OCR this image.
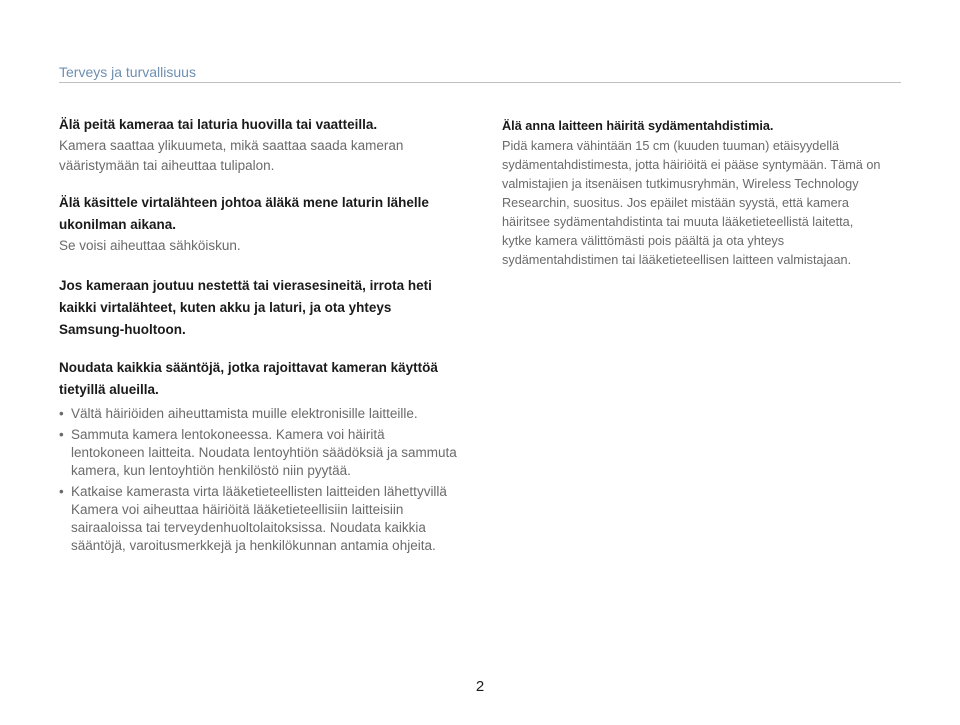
Terveys ja turvallisuus

Älä peitä kameraa tai laturia huovilla tai vaatteilla.

Kamera saattaa ylikuumeta, mikä saattaa saada kameran vääristymään tai aiheuttaa tulipalon.

Älä käsittele virtalähteen johtoa äläkä mene laturin lähelle ukonilman aikana.

Se voisi aiheuttaa sähköiskun.

Jos kameraan joutuu nestettä tai vierasesineitä, irrota heti kaikki virtalähteet, kuten akku ja laturi, ja ota yhteys Samsung-huoltoon.

Noudata kaikkia sääntöjä, jotka rajoittavat kameran käyttöä tietyillä alueilla.

• Vältä häiriöiden aiheuttamista muille elektronisille laitteille.
• Sammuta kamera lentokoneessa. Kamera voi häiritä lentokoneen laitteita. Noudata lentoyhtiön säädöksiä ja sammuta kamera, kun lentoyhtiön henkilöstö niin pyytää.
• Katkaise kamerasta virta lääketieteellisten laitteiden lähettyvillä Kamera voi aiheuttaa häiriöitä lääketieteellisiin laitteisiin sairaaloissa tai terveydenhuoltolaitoksissa. Noudata kaikkia sääntöjä, varoitusmerkkejä ja henkilökunnan antamia ohjeita.

Älä anna laitteen häiritä sydämentahdistimia.

Pidä kamera vähintään 15 cm (kuuden tuuman) etäisyydellä sydämentahdistimesta, jotta häiriöitä ei pääse syntymään. Tämä on valmistajien ja itsenäisen tutkimusryhmän, Wireless Technology Researchin, suositus. Jos epäilet mistään syystä, että kamera häiritsee sydämentahdistinta tai muuta lääketieteellistä laitetta, kytke kamera välittömästi pois päältä ja ota yhteys sydämentahdistimen tai lääketieteellisen laitteen valmistajaan.

2
